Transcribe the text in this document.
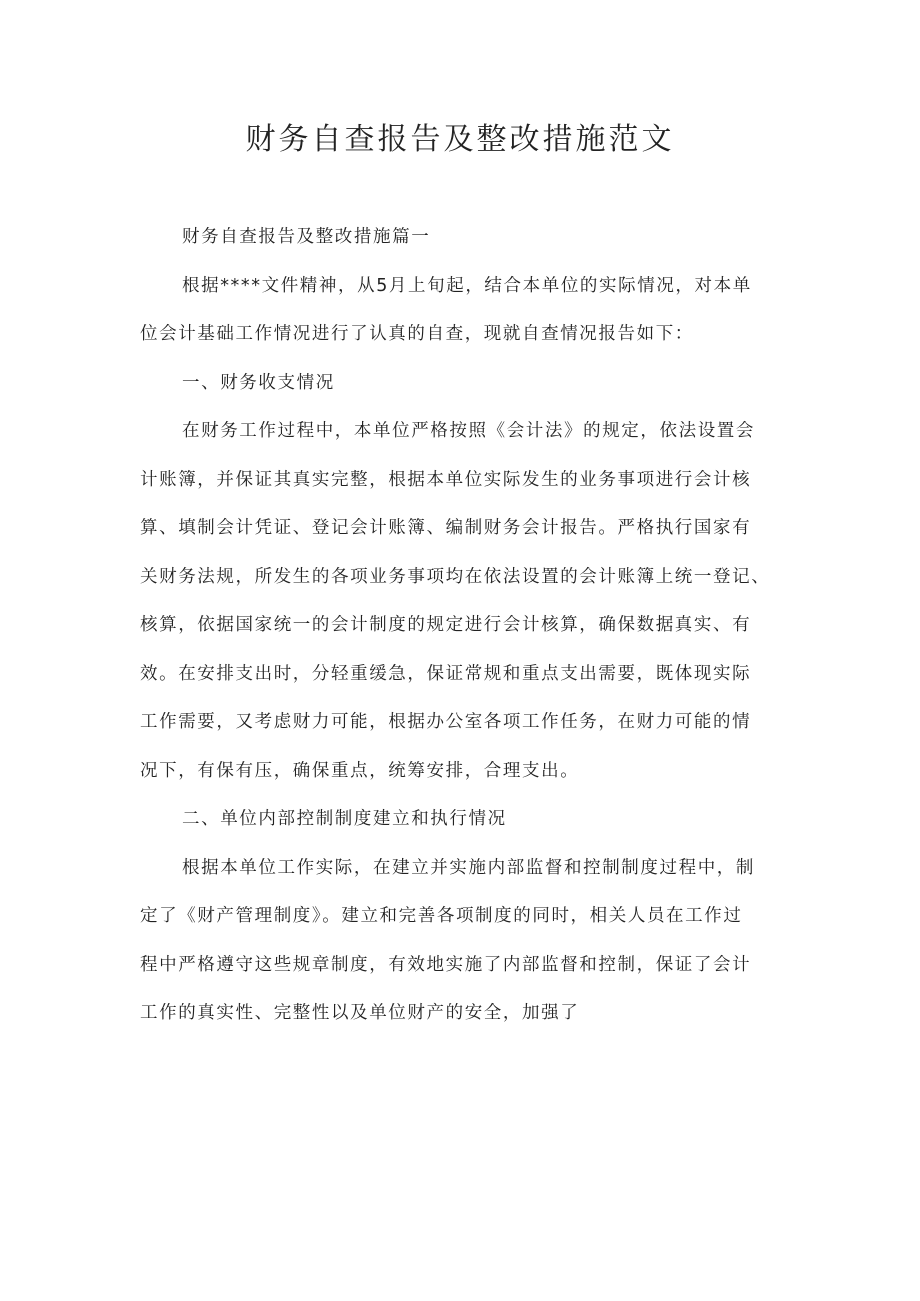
财务自查报告及整改措施范文

财务自查报告及整改措施篇一

根据****文件精神，从5月上旬起，结合本单位的实际情况，对本单

位会计基础工作情况进行了认真的自查，现就自查情况报告如下：

一、财务收支情况

在财务工作过程中，本单位严格按照《会计法》的规定，依法设置会

计账簿，并保证其真实完整，根据本单位实际发生的业务事项进行会计核

算、填制会计凭证、登记会计账簿、编制财务会计报告。严格执行国家有

关财务法规，所发生的各项业务事项均在依法设置的会计账簿上统一登记、

核算，依据国家统一的会计制度的规定进行会计核算，确保数据真实、有

效。在安排支出时，分轻重缓急，保证常规和重点支出需要，既体现实际

工作需要，又考虑财力可能，根据办公室各项工作任务，在财力可能的情

况下，有保有压，确保重点，统筹安排，合理支出。

二、单位内部控制制度建立和执行情况

根据本单位工作实际，在建立并实施内部监督和控制制度过程中，制

定了《财产管理制度》。建立和完善各项制度的同时，相关人员在工作过

程中严格遵守这些规章制度，有效地实施了内部监督和控制，保证了会计

工作的真实性、完整性以及单位财产的安全，加强了
